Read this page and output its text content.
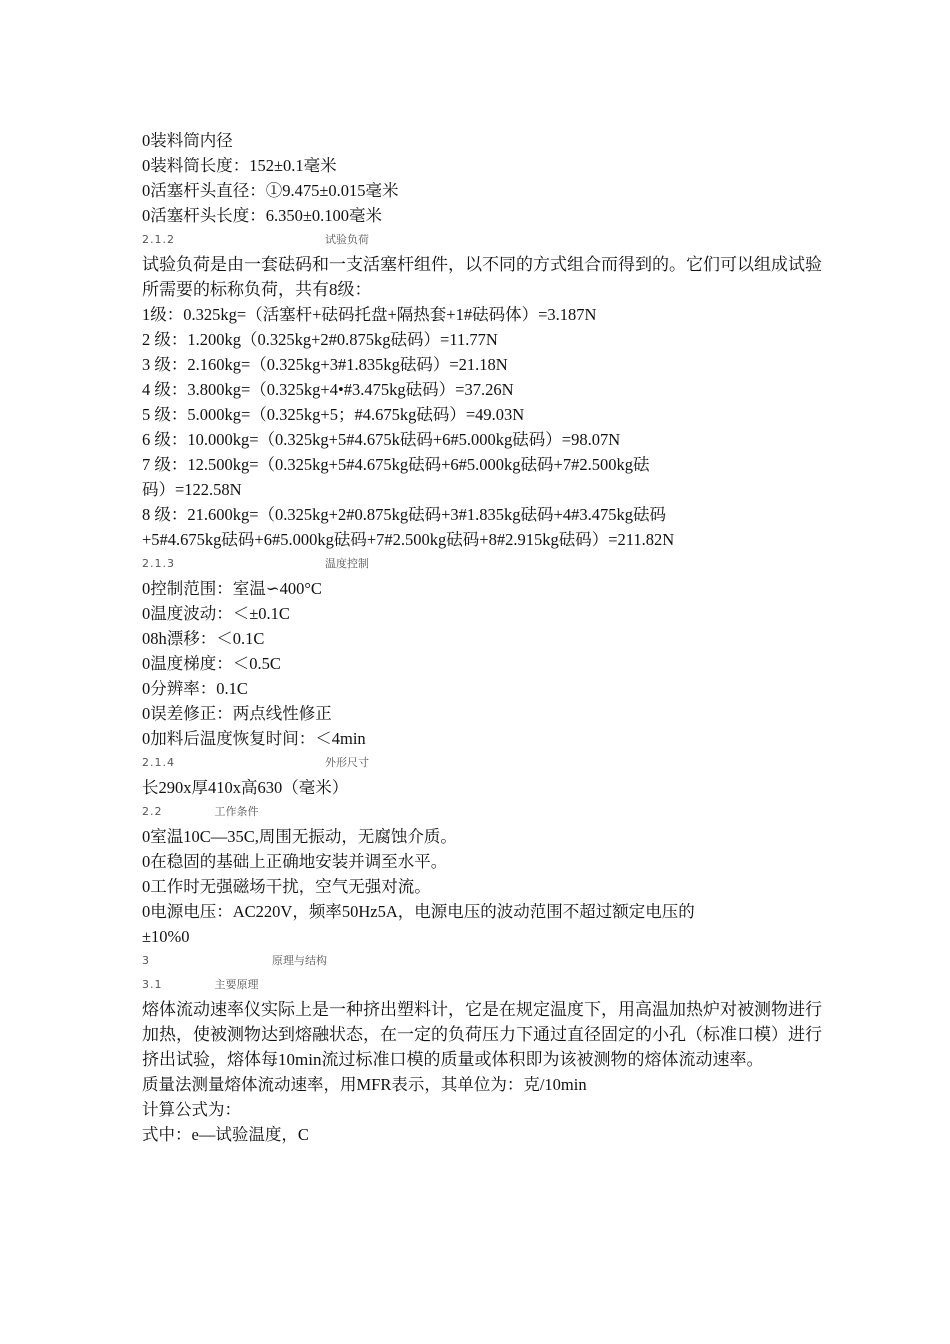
0装料筒内径
0装料筒长度：152±0.1毫米
0活塞杆头直径：①9.475±0.015毫米
0活塞杆头长度：6.350±0.100毫米
2.1.2	试验负荷
试验负荷是由一套砝码和一支活塞杆组件，以不同的方式组合而得到的。它们可以组成试验所需要的标称负荷，共有8级：
1级：0.325kg=（活塞杆+砝码托盘+隔热套+1#砝码体）=3.187N
2 级：1.200kg（0.325kg+2#0.875kg砝码）=11.77N
3 级：2.160kg=（0.325kg+3#1.835kg砝码）=21.18N
4 级：3.800kg=（0.325kg+4•#3.475kg砝码）=37.26N
5 级：5.000kg=（0.325kg+5；#4.675kg砝码）=49.03N
6 级：10.000kg=（0.325kg+5#4.675k砝码+6#5.000kg砝码）=98.07N
7 级：12.500kg=（0.325kg+5#4.675kg砝码+6#5.000kg砝码+7#2.500kg砝
码）=122.58N
8 级：21.600kg=（0.325kg+2#0.875kg砝码+3#1.835kg砝码+4#3.475kg砝码
+5#4.675kg砝码+6#5.000kg砝码+7#2.500kg砝码+8#2.915kg砝码）=211.82N
2.1.3	温度控制
0控制范围：室温∽400°C
0温度波动：＜±0.1C
08h漂移：＜0.1C
0温度梯度：＜0.5C
0分辨率：0.1C
0误差修正：两点线性修正
0加料后温度恢复时间：＜4min
2.1.4	外形尺寸
长290x厚410x高630（毫米）
2.2	工作条件
0室温10C—35C,周围无振动，无腐蚀介质。
0在稳固的基础上正确地安装并调至水平。
0工作时无强磁场干扰，空气无强对流。
0电源电压：AC220V，频率50Hz5A，电源电压的波动范围不超过额定电压的
±10%0
3	原理与结构
3.1	主要原理
熔体流动速率仪实际上是一种挤出塑料计，它是在规定温度下，用高温加热炉对被测物进行加热，使被测物达到熔融状态，在一定的负荷压力下通过直径固定的小孔（标准口模）进行挤出试验，熔体每10min流过标准口模的质量或体积即为该被测物的熔体流动速率。
质量法测量熔体流动速率，用MFR表示，其单位为：克/10min
计算公式为：
式中：e—试验温度，C
